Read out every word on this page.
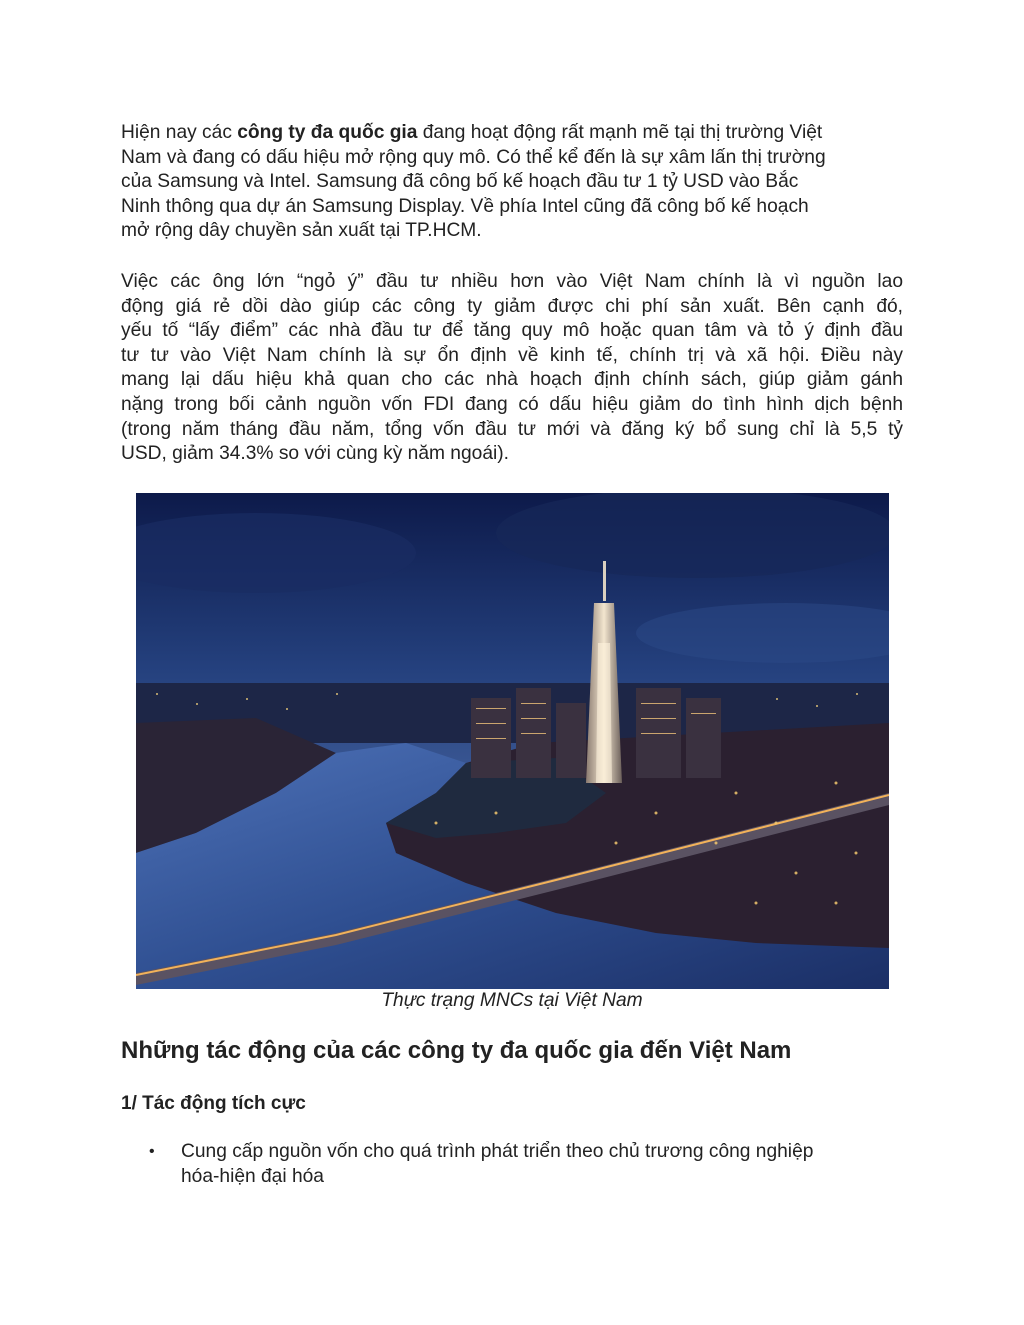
Hiện nay các công ty đa quốc gia đang hoạt động rất mạnh mẽ tại thị trường Việt
Nam và đang có dấu hiệu mở rộng quy mô. Có thể kể đến là sự xâm lấn thị trường
của Samsung và Intel. Samsung đã công bố kế hoạch đầu tư 1 tỷ USD vào Bắc
Ninh thông qua dự án Samsung Display. Về phía Intel cũng đã công bố kế hoạch
mở rộng dây chuyền sản xuất tại TP.HCM.

Việc các ông lớn “ngỏ ý” đầu tư nhiều hơn vào Việt Nam chính là vì nguồn lao
động giá rẻ dồi dào giúp các công ty giảm được chi phí sản xuất. Bên cạnh đó,
yếu tố “lấy điểm” các nhà đầu tư để tăng quy mô hoặc quan tâm và tỏ ý định đầu
tư tư vào Việt Nam chính là sự ổn định về kinh tế, chính trị và xã hội. Điều này
mang lại dấu hiệu khả quan cho các nhà hoạch định chính sách, giúp giảm gánh
nặng trong bối cảnh nguồn vốn FDI đang có dấu hiệu giảm do tình hình dịch bệnh
(trong năm tháng đầu năm, tổng vốn đầu tư mới và đăng ký bổ sung chỉ là 5,5 tỷ
USD, giảm 34.3% so với cùng kỳ năm ngoái).

Thực trạng MNCs tại Việt Nam
Những tác động của các công ty đa quốc gia đến Việt Nam
1/ Tác động tích cực
• Cung cấp nguồn vốn cho quá trình phát triển theo chủ trương công nghiệp
hóa-hiện đại hóa
